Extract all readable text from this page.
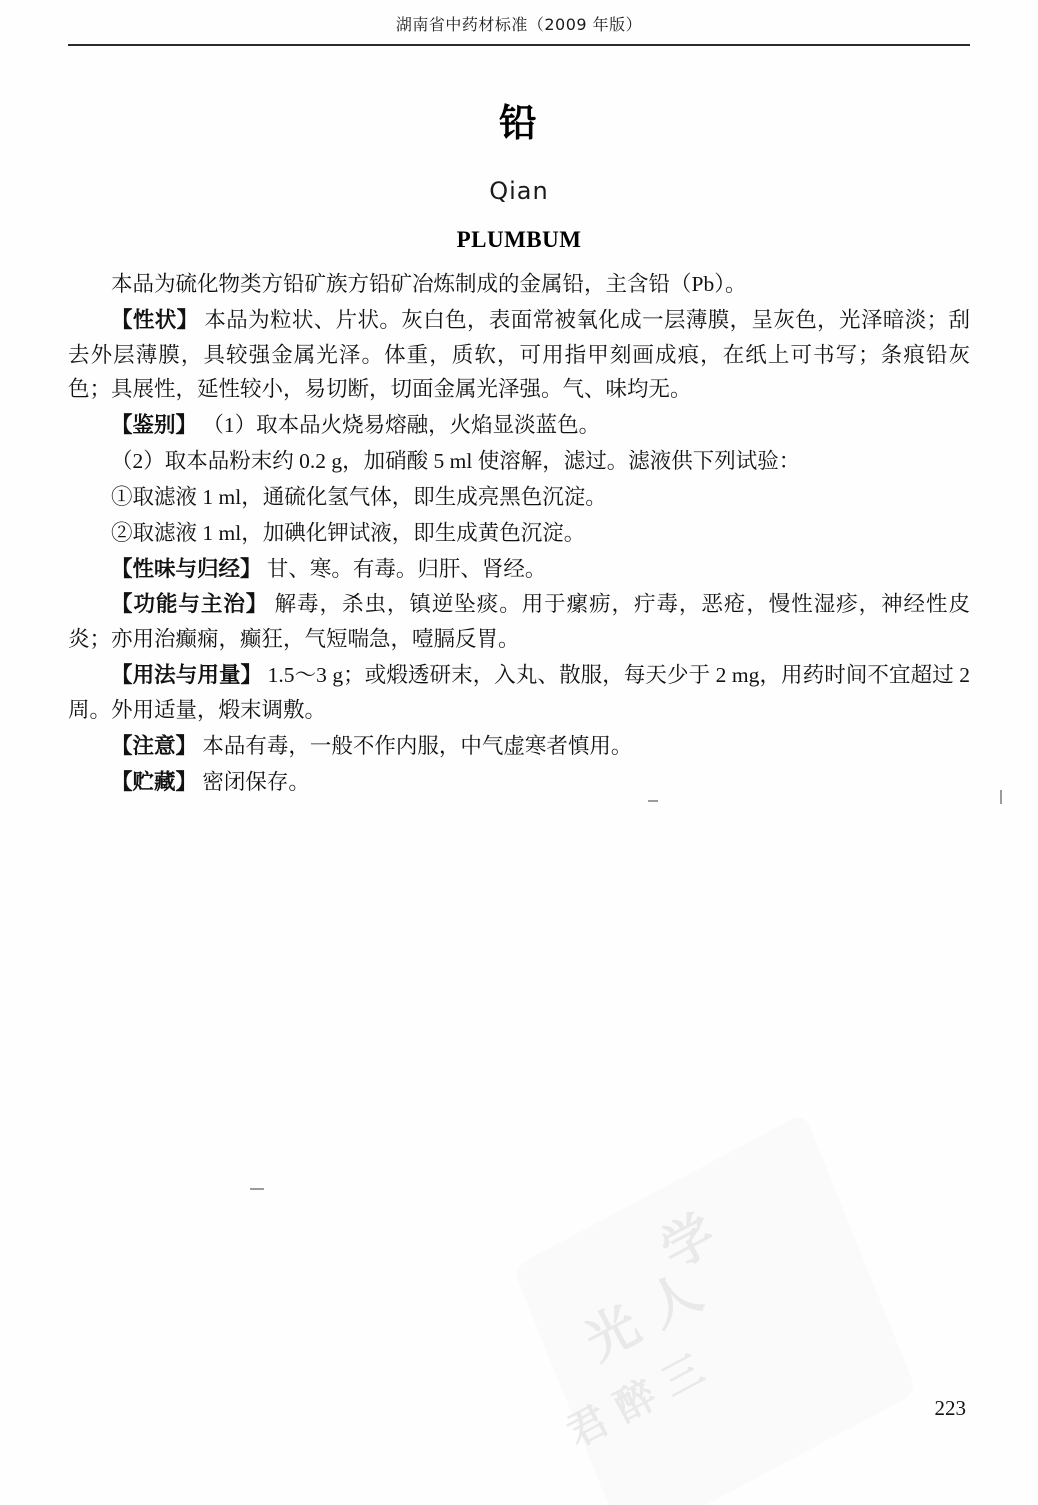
湖南省中药材标准（2009 年版）
铅
Qian
PLUMBUM

本品为硫化物类方铅矿族方铅矿冶炼制成的金属铅，主含铅（Pb）。

【性状】 本品为粒状、片状。灰白色，表面常被氧化成一层薄膜，呈灰色，光泽暗淡；刮去外层薄膜，具较强金属光泽。体重，质软，可用指甲刻画成痕，在纸上可书写；条痕铅灰色；具展性，延性较小，易切断，切面金属光泽强。气、味均无。

【鉴别】 （1）取本品火烧易熔融，火焰显淡蓝色。

（2）取本品粉末约 0.2 g，加硝酸 5 ml 使溶解，滤过。滤液供下列试验：

①取滤液 1 ml，通硫化氢气体，即生成亮黑色沉淀。

②取滤液 1 ml，加碘化钾试液，即生成黄色沉淀。

【性味与归经】 甘、寒。有毒。归肝、肾经。

【功能与主治】 解毒，杀虫，镇逆坠痰。用于瘰疬，疔毒，恶疮，慢性湿疹，神经性皮炎；亦用治癫痫，癫狂，气短喘急，噎膈反胃。

【用法与用量】 1.5～3 g；或煅透研末，入丸、散服，每天少于 2 mg，用药时间不宜超过 2 周。外用适量，煅末调敷。

【注意】 本品有毒，一般不作内服，中气虚寒者慎用。

【贮藏】 密闭保存。

学
光 人
君 醉 三	223
